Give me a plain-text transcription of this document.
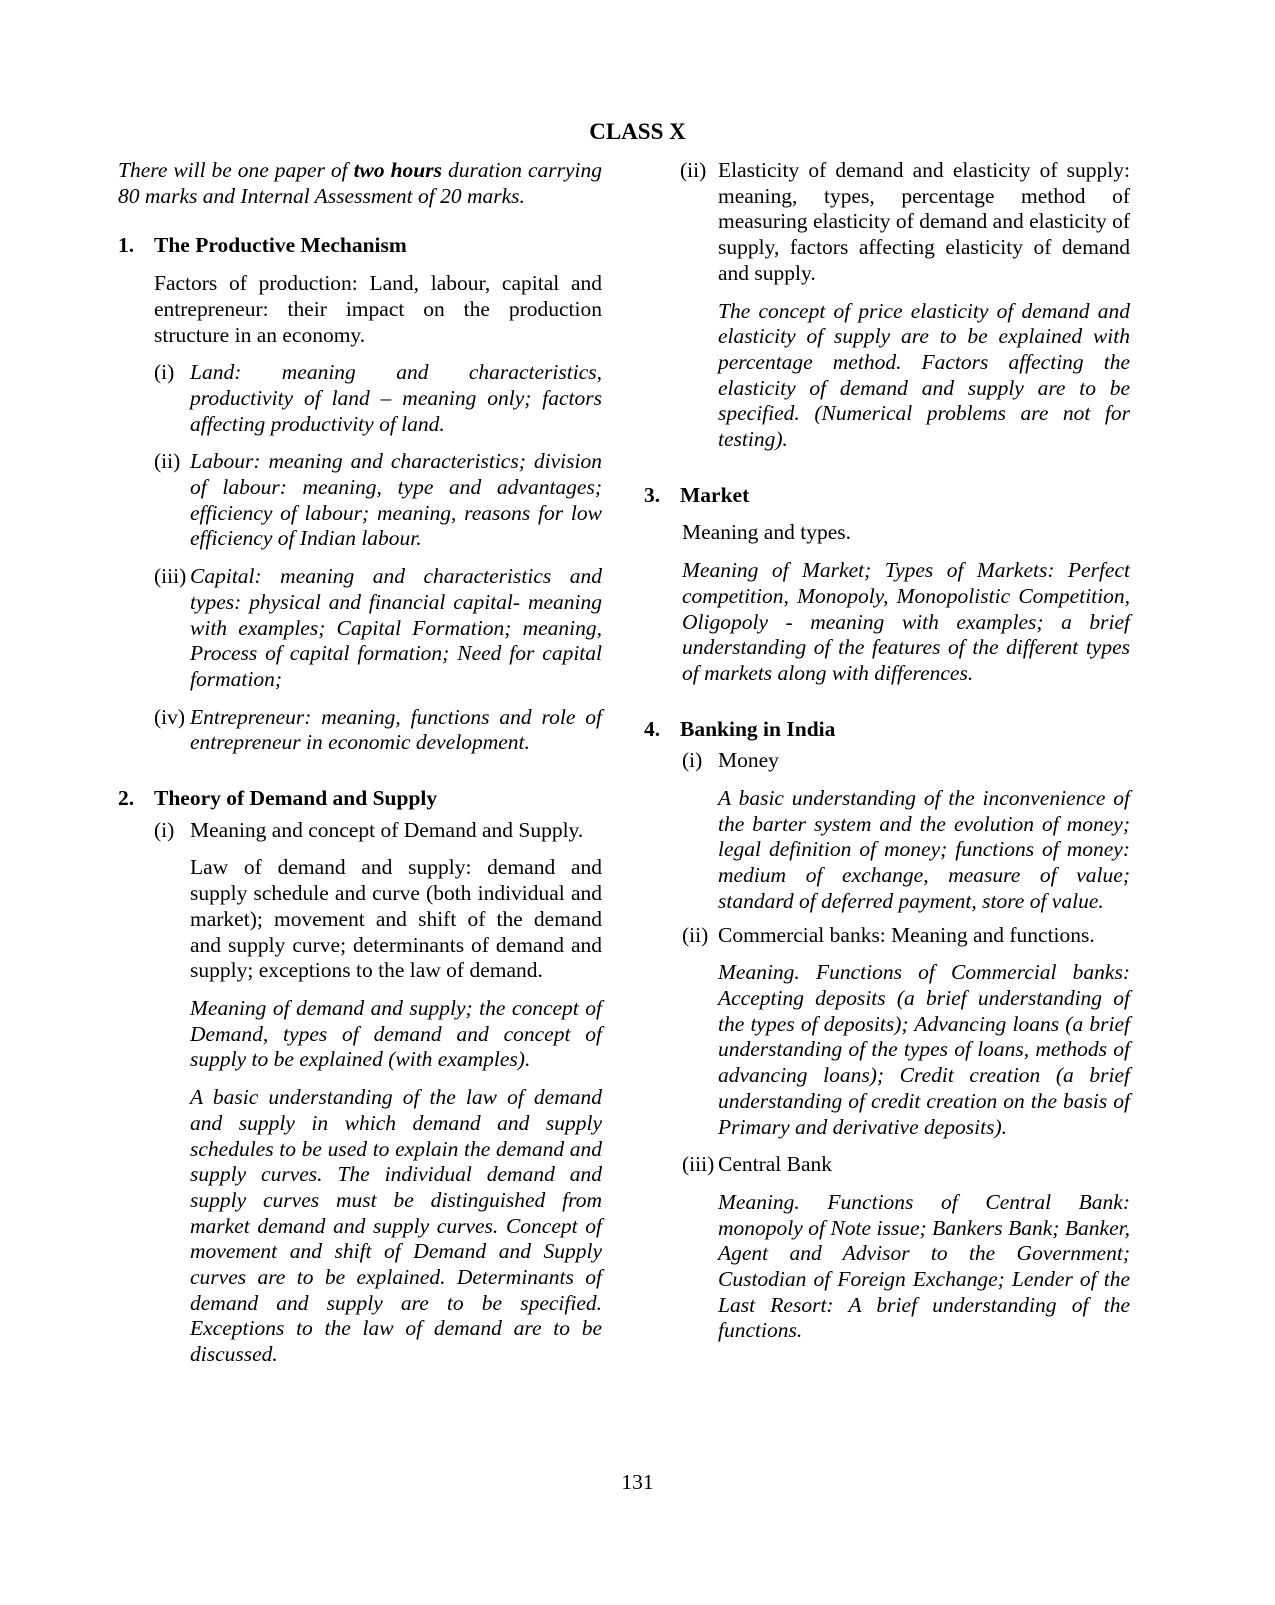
CLASS X

There will be one paper of two hours duration carrying 80 marks and Internal Assessment of 20 marks.

1. The Productive Mechanism

Factors of production: Land, labour, capital and entrepreneur: their impact on the production structure in an economy.

(i) Land: meaning and characteristics, productivity of land – meaning only; factors affecting productivity of land.

(ii) Labour: meaning and characteristics; division of labour: meaning, type and advantages; efficiency of labour; meaning, reasons for low efficiency of Indian labour.

(iii) Capital: meaning and characteristics and types: physical and financial capital- meaning with examples; Capital Formation; meaning, Process of capital formation; Need for capital formation;

(iv) Entrepreneur: meaning, functions and role of entrepreneur in economic development.

2. Theory of Demand and Supply

(i) Meaning and concept of Demand and Supply.

Law of demand and supply: demand and supply schedule and curve (both individual and market); movement and shift of the demand and supply curve; determinants of demand and supply; exceptions to the law of demand.

Meaning of demand and supply; the concept of Demand, types of demand and concept of supply to be explained (with examples).

A basic understanding of the law of demand and supply in which demand and supply schedules to be used to explain the demand and supply curves. The individual demand and supply curves must be distinguished from market demand and supply curves. Concept of movement and shift of Demand and Supply curves are to be explained. Determinants of demand and supply are to be specified. Exceptions to the law of demand are to be discussed.

(ii) Elasticity of demand and elasticity of supply: meaning, types, percentage method of measuring elasticity of demand and elasticity of supply, factors affecting elasticity of demand and supply.

The concept of price elasticity of demand and elasticity of supply are to be explained with percentage method. Factors affecting the elasticity of demand and supply are to be specified. (Numerical problems are not for testing).

3. Market

Meaning and types.

Meaning of Market; Types of Markets: Perfect competition, Monopoly, Monopolistic Competition, Oligopoly - meaning with examples; a brief understanding of the features of the different types of markets along with differences.

4. Banking in India

(i) Money

A basic understanding of the inconvenience of the barter system and the evolution of money; legal definition of money; functions of money: medium of exchange, measure of value; standard of deferred payment, store of value.

(ii) Commercial banks: Meaning and functions.

Meaning. Functions of Commercial banks: Accepting deposits (a brief understanding of the types of deposits); Advancing loans (a brief understanding of the types of loans, methods of advancing loans); Credit creation (a brief understanding of credit creation on the basis of Primary and derivative deposits).

(iii) Central Bank

Meaning. Functions of Central Bank: monopoly of Note issue; Bankers Bank; Banker, Agent and Advisor to the Government; Custodian of Foreign Exchange; Lender of the Last Resort: A brief understanding of the functions.

131
